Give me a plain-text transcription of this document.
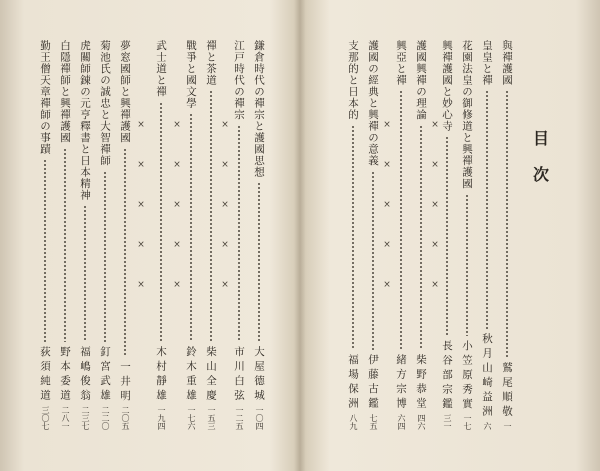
與禪護國
鷲尾順敬
一
皇皇と禪
秋月山崎益洲
六
花園法皇の御修道と興禪護國
小笠原秀實
一七
興禪護國と妙心寺
長谷部宗鑑
三一
護國興禪の理論
柴野恭堂
四六
興亞と禪
緒方宗博
六四
護國の經典と興禪の意義
伊藤古鑑
七五
支那的と日本的
福場保洲
八九
×
×
×
×
×
×
×
×
×
×
鎌倉時代の禪宗と護國思想
大屋德城
一〇四
江戸時代の禪宗
市川白弦
一二五
禪と茶道
柴山全慶
一五三
戰爭と國文學
鈴木重雄
一七六
武士道と禪
木村靜雄
一九四
夢窓國師と興禪護國
一井明
二〇五
菊池氏の誠忠と大智禪師
釘宮武雄
二二〇
虎關師錬の元亨釋書と日本精神
福嶋俊翁
二三七
白隱禪師と興禪護國
野本委道
二八一
勤王僧天章禪師の事蹟
荻須純道
三〇七
×
×
×
×
×
×
×
×
×
×
×
×
×
×
×
目次
